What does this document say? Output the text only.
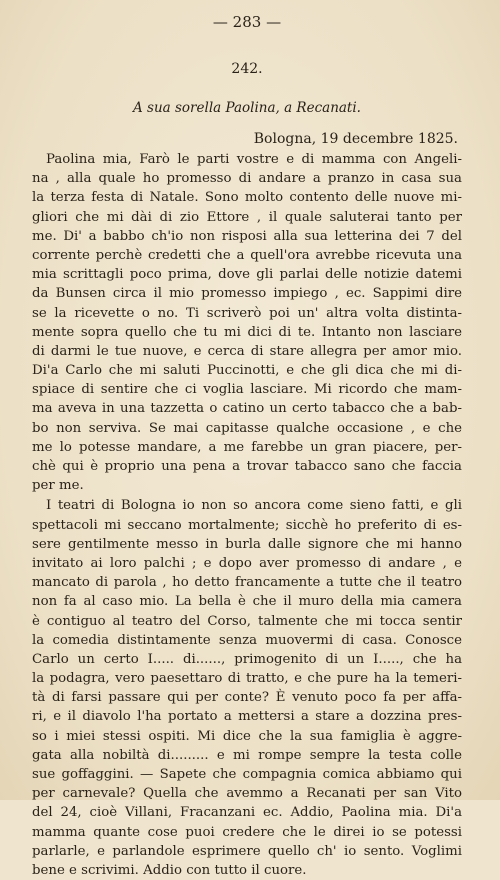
— 283 —
242.
A sua sorella Paolina, a Recanati.
Bologna, 19 decembre 1825.
Paolina mia, Farò le parti vostre e di mamma con Angeli-
na , alla quale ho promesso di andare a pranzo in casa sua
la terza festa di Natale. Sono molto contento delle nuove mi-
gliori che mi dài di zio Ettore , il quale saluterai tanto per
me. Di' a babbo ch'io non risposi alla sua letterina dei 7 del
corrente perchè credetti che a quell'ora avrebbe ricevuta una
mia scrittagli poco prima, dove gli parlai delle notizie datemi
da Bunsen circa il mio promesso impiego , ec. Sappimi dire
se la ricevette o no. Ti scriverò poi un' altra volta distinta-
mente sopra quello che tu mi dici di te. Intanto non lasciare
di darmi le tue nuove, e cerca di stare allegra per amor mio.
Di'a Carlo che mi saluti Puccinotti, e che gli dica che mi di-
spiace di sentire che ci voglia lasciare. Mi ricordo che mam-
ma aveva in una tazzetta o catino un certo tabacco che a bab-
bo non serviva. Se mai capitasse qualche occasione , e che
me lo potesse mandare, a me farebbe un gran piacere, per-
chè qui è proprio una pena a trovar tabacco sano che faccia
per me.
I teatri di Bologna io non so ancora come sieno fatti, e gli
spettacoli mi seccano mortalmente; sicchè ho preferito di es-
sere gentilmente messo in burla dalle signore che mi hanno
invitato ai loro palchi ; e dopo aver promesso di andare , e
mancato di parola , ho detto francamente a tutte che il teatro
non fa al caso mio. La bella è che il muro della mia camera
è contiguo al teatro del Corso, talmente che mi tocca sentir
la comedia distintamente senza muovermi di casa. Conosce
Carlo un certo I..... di......, primogenito di un I....., che ha
la podagra, vero paesettaro di tratto, e che pure ha la temeri-
tà di farsi passare qui per conte? È venuto poco fa per affa-
ri, e il diavolo l'ha portato a mettersi a stare a dozzina pres-
so i miei stessi ospiti. Mi dice che la sua famiglia è aggre-
gata alla nobiltà di......... e mi rompe sempre la testa colle
sue goffaggini. — Sapete che compagnia comica abbiamo qui
per carnevale? Quella che avemmo a Recanati per san Vito
del 24, cioè Villani, Fracanzani ec. Addio, Paolina mia. Di'a
mamma quante cose puoi credere che le direi io se potessi
parlarle, e parlandole esprimere quello ch' io sento. Voglimi
bene e scrivimi. Addio con tutto il cuore.
